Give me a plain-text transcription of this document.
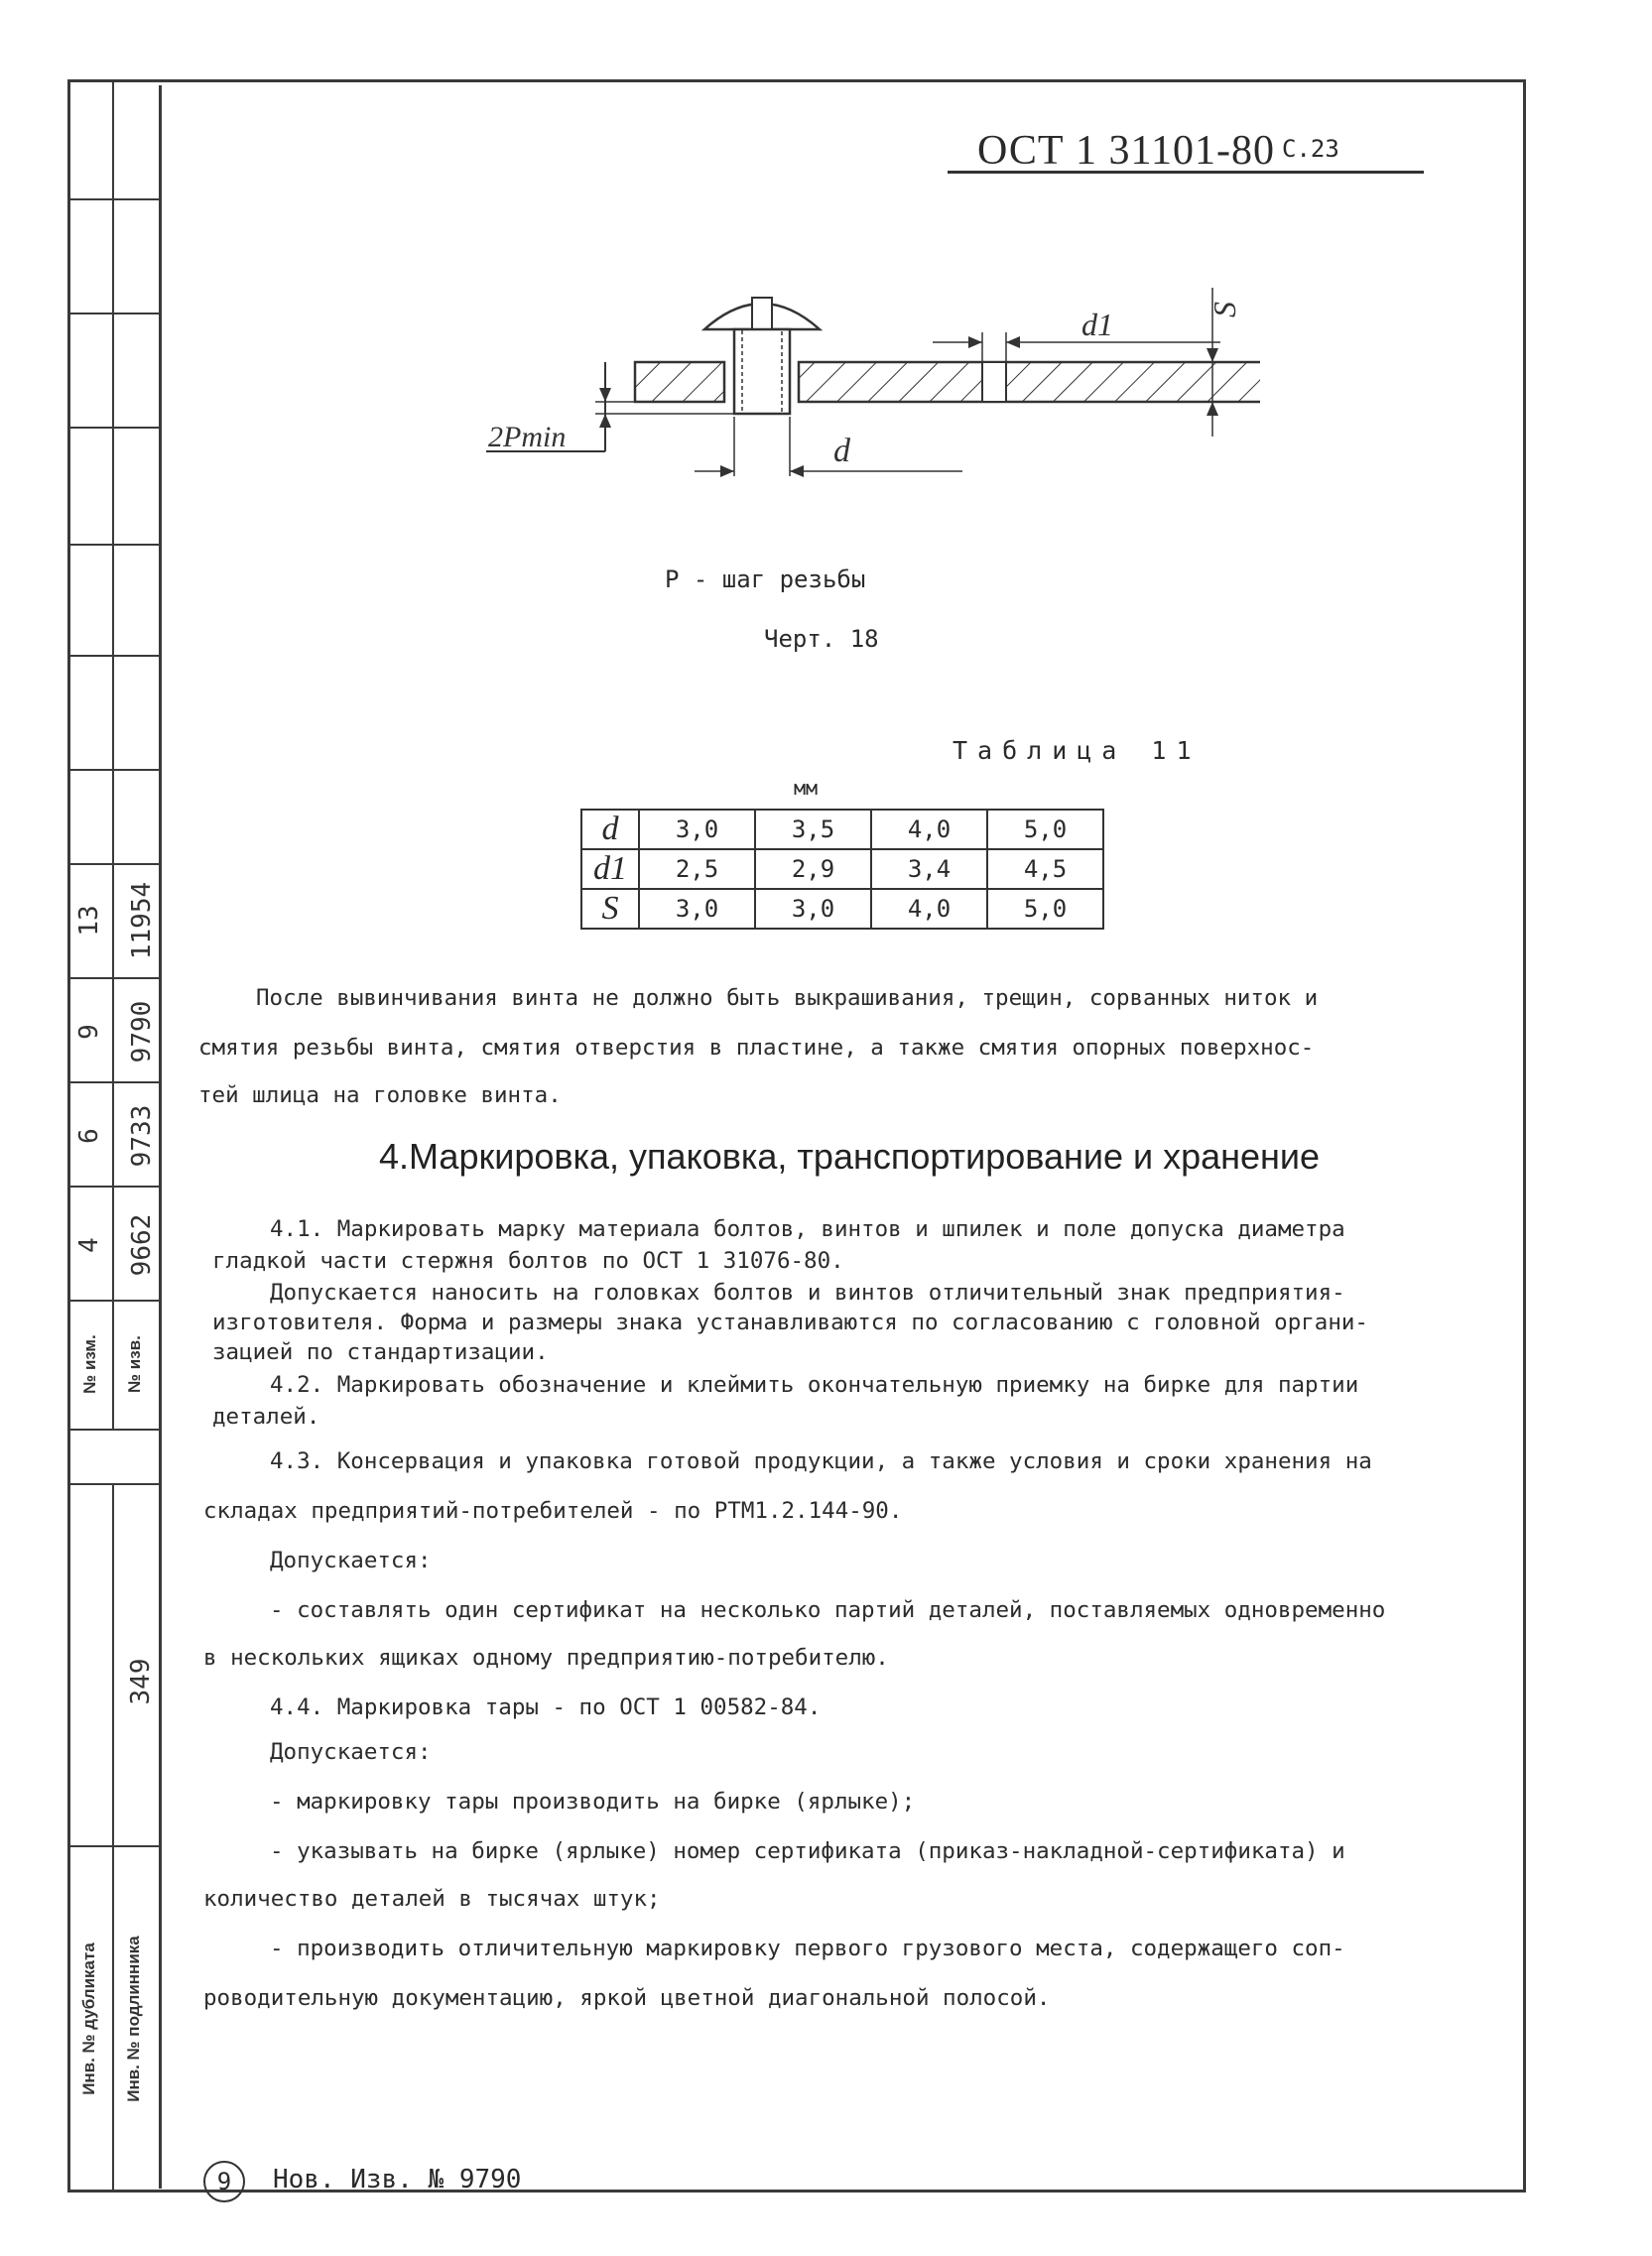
13 11954
9 9790
6 9733
4 9662
№ изм. № изв.
349
Инв. № дубликата Инв. № подлинника
ОСТ 1 31101-80 С.23
2Pmin	d
d1	S
Р - шаг резьбы
Черт. 18
Таблица 11
мм
d	3,0	3,5	4,0	5,0
d1	2,5	2,9	3,4	4,5
S	3,0	3,0	4,0	5,0
После вывинчивания винта не должно быть выкрашивания, трещин, сорванных ниток и
смятия резьбы винта, смятия отверстия в пластине, а также смятия опорных поверхнос-
тей шлица на головке винта.
4.Маркировка, упаковка, транспортирование и хранение
4.1. Маркировать марку материала болтов, винтов и шпилек и поле допуска диаметра
гладкой части стержня болтов по ОСТ 1 31076-80.
Допускается наносить на головках болтов и винтов отличительный знак предприятия-
изготовителя. Форма и размеры знака устанавливаются по согласованию с головной органи-
зацией по стандартизации.
4.2. Маркировать обозначение и клеймить окончательную приемку на бирке для партии
деталей.
4.3. Консервация и упаковка готовой продукции, а также условия и сроки хранения на
складах предприятий-потребителей - по РТМ1.2.144-90.
Допускается:
- составлять один сертификат на несколько партий деталей, поставляемых одновременно
в нескольких ящиках одному предприятию-потребителю.
4.4. Маркировка тары - по ОСТ 1 00582-84.
Допускается:
- маркировку тары производить на бирке (ярлыке);
- указывать на бирке (ярлыке) номер сертификата (приказ-накладной-сертификата) и
количество деталей в тысячах штук;
- производить отличительную маркировку первого грузового места, содержащего соп-
роводительную документацию, яркой цветной диагональной полосой.
9	Нов. Изв. № 9790
